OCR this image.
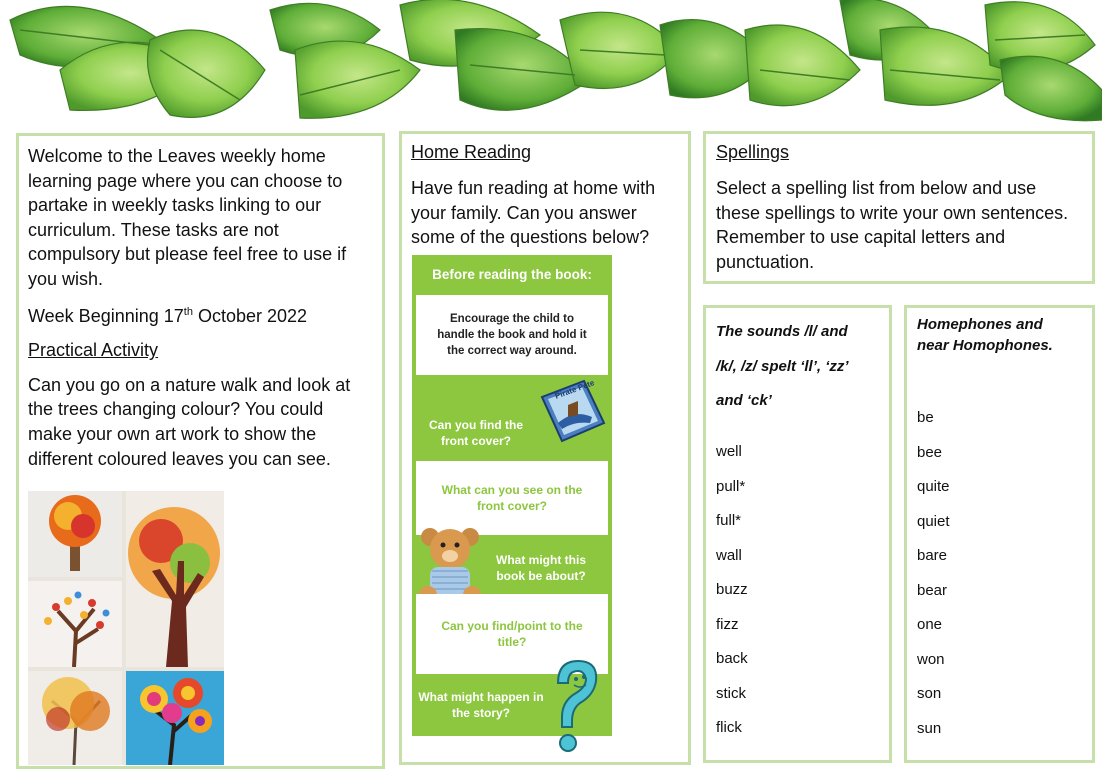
Welcome to the Leaves weekly home learning page where you can choose to partake in weekly tasks linking to our curriculum. These tasks are not compulsory but please feel free to use if you wish.

Week Beginning 17th October 2022

Practical Activity

Can you go on a nature walk and look at the trees changing colour? You could make your own art work to show the different coloured leaves you can see.

Home Reading

Have fun reading at home with your family. Can you answer some of the questions below?

Before reading the book:
Encourage the child to handle the book and hold it the correct way around.
Can you find the front cover?
Pirate Pete
What can you see on the front cover?
What might this book be about?
Can you find/point to the title?
What might happen in the story?
Spellings

Select a spelling list from below and use these spellings to write your own sentences. Remember to use capital letters and punctuation.

The sounds /l/ and
/k/, /z/ spelt ‘ll’, ‘zz’
and ‘ck’
well
pull*
full*
wall
buzz
fizz
back
stick
flick
Homephones and
near Homophones.
be
bee
quite
quiet
bare
bear
one
won
son
sun
